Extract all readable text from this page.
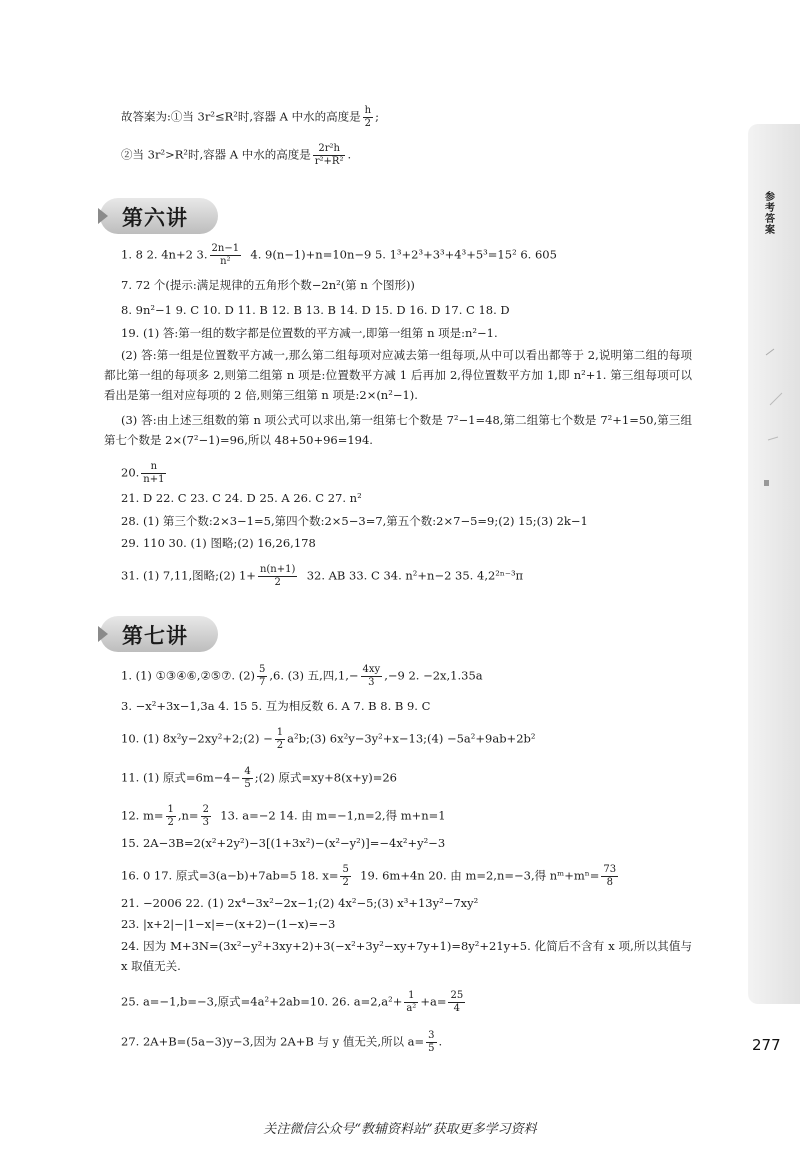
参考答案
故答案为:①当 3r²≤R²时,容器 A 中水的高度是 $\frac{h}{2}$ ;
②当 3r²>R²时,容器 A 中水的高度是 $\frac{\text{2r²h}}{\text{r²+R²}}$ .
第六讲
1. 8 2. 4n+2 3. $\frac{2n-1}{\text{n²}} 4$. 9(n−1)+n=10n−9 5. 1³+2³+3³+4³+5³=15² 6. 605
7. 72 个(提示:满足规律的五角形个数−2n²(第 n 个图形))
8. 9n²−1 9. C 10. D 11. B 12. B 13. B 14. D 15. D 16. D 17. C 18. D
19. (1) 答:第一组的数字都是位置数的平方减一,即第一组第 n 项是:n²−1.
(2) 答:第一组是位置数平方减一,那么第二组每项对应减去第一组每项,从中可以看出都等于 2,说明第二组的每项都比第一组的每项多 2,则第二组第 n 项是:位置数平方减 1 后再加 2,得位置数平方加 1,即 n²+1. 第三组每项可以看出是第一组对应每项的 2 倍,则第三组第 n 项是:2×(n²−1).
(3) 答:由上述三组数的第 n 项公式可以求出,第一组第七个数是 7²−1=48,第二组第七个数是 7²+1=50,第三组第七个数是 2×(7²−1)=96,所以 48+50+96=194.
20. $\frac{n}{n+1}$
21. D 22. C 23. C 24. D 25. A 26. C 27. n²
28. (1) 第三个数:2×3−1=5,第四个数:2×5−3=7,第五个数:2×7−5=9;(2) 15;(3) 2k−1
29. 110 30. (1) 图略;(2) 16,26,178
31. (1) 7,11,图略;(2) $1+ \frac{n(n+1)}{2} 32$. AB 33. C 34. n²+n−2 35. 4,2²ⁿ⁻³π
第七讲
1. (1) ①③④⑥,②⑤⑦. $(2) \frac{5}{7} ,6$. (3) 五,四$,1,- \frac{4xy}{3} ,-9$ 2. −2x,1.35a
3. −x²+3x−1,3a 4. 15 5. 互为相反数 6. A 7. B 8. B 9. C
10. (1) 8x²y−2xy²+2;(2) − $\frac{1}{2}$ a²b;(3) 6x²y−3y²+x−13;(4) −5a²+9ab+2b²
11. (1) 原式$=6m-4- \frac{4}{5}$ ;(2) 原式=xy+8(x+y)=26
12. $m= \frac{1}{2} ,n= \frac{2}{3} 13$. a=−2 14. 由 m=−1,n=2,得 m+n=1
15. 2A−3B=2(x²+2y²)−3[(1+3x²)−(x²−y²)]=−4x²+y²−3
16. 0 17. 原式=3(a−b)+7ab=5 18. $x= \frac{5}{2} 19$. 6m+4n 20. 由 m=2,n=−3,得 nᵐ+mⁿ= $\frac{73}{8}$
21. −2006 22. (1) 2x⁴−3x²−2x−1;(2) 4x²−5;(3) x³+13y²−7xy²
23. |x+2|−|1−x|=−(x+2)−(1−x)=−3
24. 因为 M+3N=(3x²−y²+3xy+2)+3(−x²+3y²−xy+7y+1)=8y²+21y+5. 化简后不含有 x 项,所以其值与 x 取值无关.
25. a=−1,b=−3,原式=4a²+2ab=10. 26. $a=2,a^2+ \frac{1}{\text{a²}} +a= \frac{25}{4}$
27. 2A+B=(5a−3)y−3,因为 2A+B 与 y 值无关,所以 $a= \frac{3}{5}$ .	277
关注微信公众号“教辅资料站”获取更多学习资料
